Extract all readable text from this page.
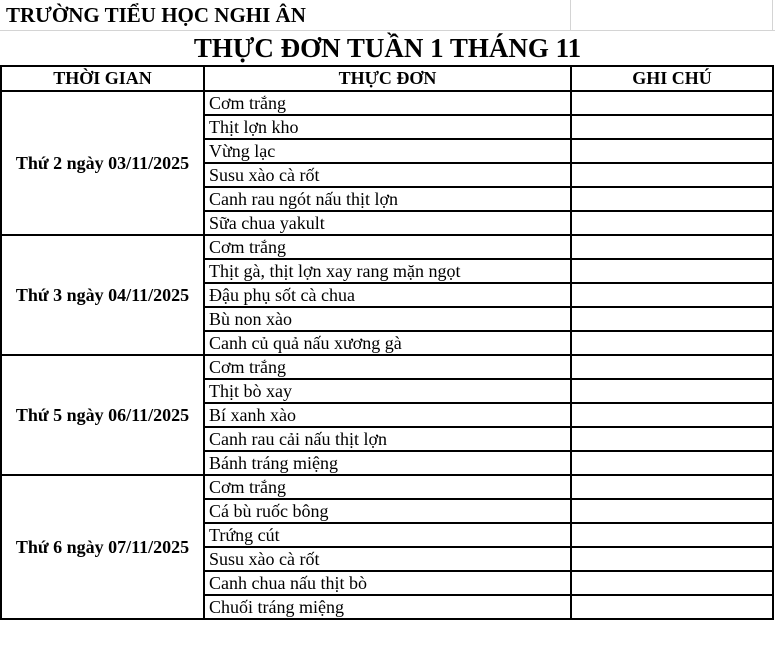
TRƯỜNG TIỂU HỌC NGHI ÂN
THỰC ĐƠN TUẦN 1 THÁNG 11
THỜI GIAN	THỰC ĐƠN	GHI CHÚ
Thứ 2 ngày 03/11/2025	Cơm trắng	
	Thịt lợn kho	
	Vừng lạc	
	Susu xào cà rốt	
	Canh rau ngót nấu thịt lợn	
	Sữa chua yakult	
Thứ 3 ngày 04/11/2025	Cơm trắng	
	Thịt gà, thịt lợn xay rang mặn ngọt	
	Đậu phụ sốt cà chua	
	Bù non xào	
	Canh củ quả nấu xương gà	
Thứ 5 ngày 06/11/2025	Cơm trắng	
	Thịt bò xay	
	Bí xanh xào	
	Canh rau cải nấu thịt lợn	
	Bánh tráng miệng	
Thứ 6 ngày 07/11/2025	Cơm trắng	
	Cá bù ruốc bông	
	Trứng cút	
	Susu xào cà rốt	
	Canh chua nấu thịt bò	
	Chuối tráng miệng	
